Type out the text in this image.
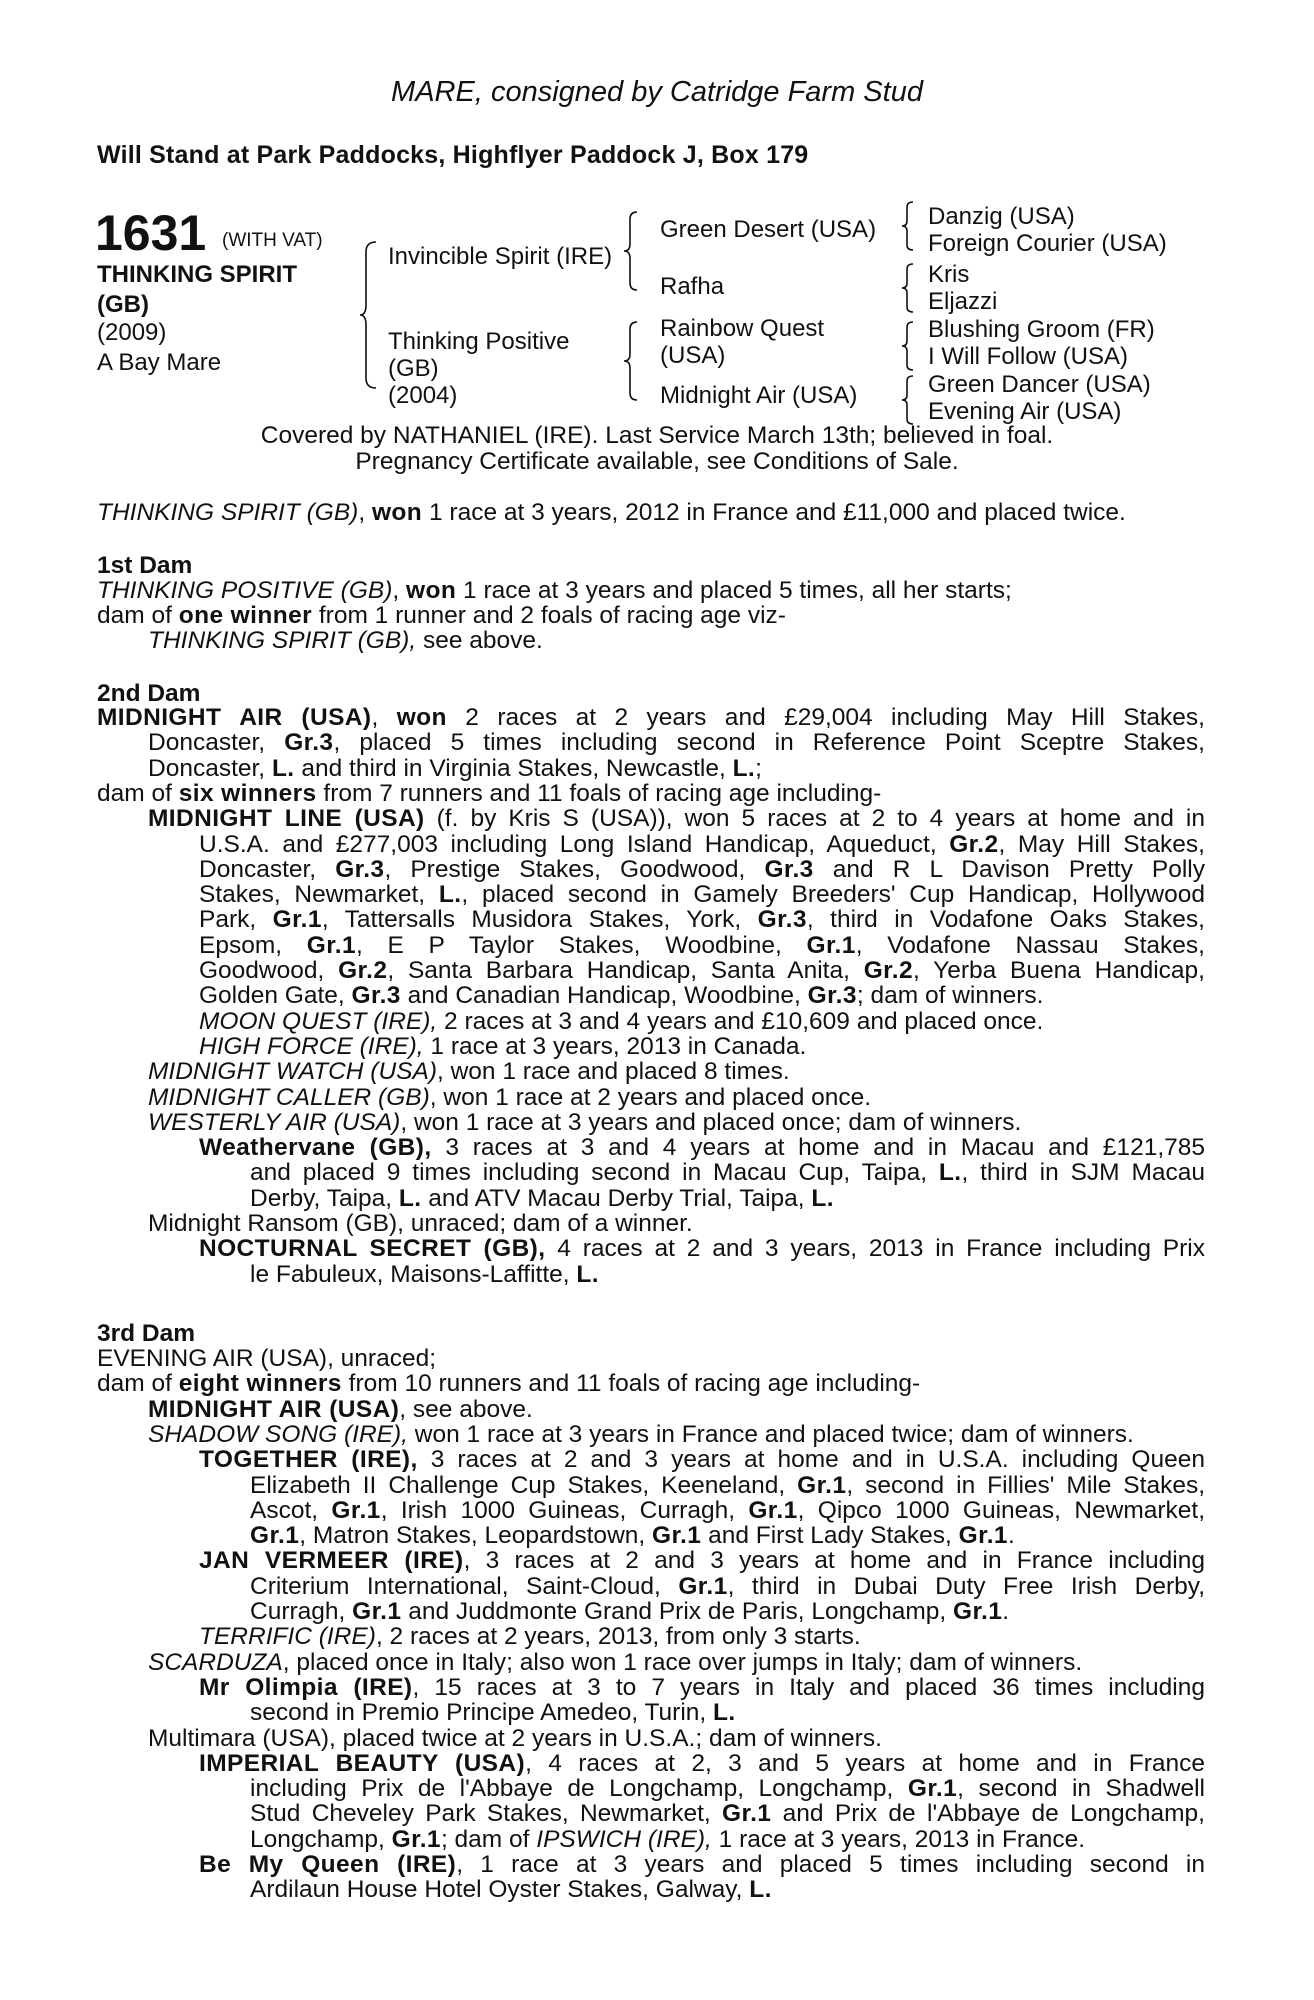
MARE, consigned by Catridge Farm Stud
Will Stand at Park Paddocks, Highflyer Paddock J, Box 179
1631 (WITH VAT)
THINKING SPIRIT
(GB)
(2009)
A Bay Mare
Invincible Spirit (IRE)
Thinking Positive
(GB)
(2004)
Green Desert (USA)
Rafha
Rainbow Quest
(USA)
Midnight Air (USA)
Danzig (USA)
Foreign Courier (USA)
Kris
Eljazzi
Blushing Groom (FR)
I Will Follow (USA)
Green Dancer (USA)
Evening Air (USA)
Covered by NATHANIEL (IRE). Last Service March 13th; believed in foal.
Pregnancy Certificate available, see Conditions of Sale.
THINKING SPIRIT (GB), won 1 race at 3 years, 2012 in France and £11,000 and placed twice.
1st Dam
THINKING POSITIVE (GB), won 1 race at 3 years and placed 5 times, all her starts;
dam of one winner from 1 runner and 2 foals of racing age viz-
THINKING SPIRIT (GB), see above.
2nd Dam
MIDNIGHT AIR (USA), won 2 races at 2 years and £29,004 including May Hill Stakes,
Doncaster, Gr.3, placed 5 times including second in Reference Point Sceptre Stakes,
Doncaster, L. and third in Virginia Stakes, Newcastle, L.;
dam of six winners from 7 runners and 11 foals of racing age including-
MIDNIGHT LINE (USA) (f. by Kris S (USA)), won 5 races at 2 to 4 years at home and in
U.S.A. and £277,003 including Long Island Handicap, Aqueduct, Gr.2, May Hill Stakes,
Doncaster, Gr.3, Prestige Stakes, Goodwood, Gr.3 and R L Davison Pretty Polly
Stakes, Newmarket, L., placed second in Gamely Breeders' Cup Handicap, Hollywood
Park, Gr.1, Tattersalls Musidora Stakes, York, Gr.3, third in Vodafone Oaks Stakes,
Epsom, Gr.1, E P Taylor Stakes, Woodbine, Gr.1, Vodafone Nassau Stakes,
Goodwood, Gr.2, Santa Barbara Handicap, Santa Anita, Gr.2, Yerba Buena Handicap,
Golden Gate, Gr.3 and Canadian Handicap, Woodbine, Gr.3; dam of winners.
MOON QUEST (IRE), 2 races at 3 and 4 years and £10,609 and placed once.
HIGH FORCE (IRE), 1 race at 3 years, 2013 in Canada.
MIDNIGHT WATCH (USA), won 1 race and placed 8 times.
MIDNIGHT CALLER (GB), won 1 race at 2 years and placed once.
WESTERLY AIR (USA), won 1 race at 3 years and placed once; dam of winners.
Weathervane (GB), 3 races at 3 and 4 years at home and in Macau and £121,785
and placed 9 times including second in Macau Cup, Taipa, L., third in SJM Macau
Derby, Taipa, L. and ATV Macau Derby Trial, Taipa, L.
Midnight Ransom (GB), unraced; dam of a winner.
NOCTURNAL SECRET (GB), 4 races at 2 and 3 years, 2013 in France including Prix
le Fabuleux, Maisons-Laffitte, L.
3rd Dam
EVENING AIR (USA), unraced;
dam of eight winners from 10 runners and 11 foals of racing age including-
MIDNIGHT AIR (USA), see above.
SHADOW SONG (IRE), won 1 race at 3 years in France and placed twice; dam of winners.
TOGETHER (IRE), 3 races at 2 and 3 years at home and in U.S.A. including Queen
Elizabeth II Challenge Cup Stakes, Keeneland, Gr.1, second in Fillies' Mile Stakes,
Ascot, Gr.1, Irish 1000 Guineas, Curragh, Gr.1, Qipco 1000 Guineas, Newmarket,
Gr.1, Matron Stakes, Leopardstown, Gr.1 and First Lady Stakes, Gr.1.
JAN VERMEER (IRE), 3 races at 2 and 3 years at home and in France including
Criterium International, Saint-Cloud, Gr.1, third in Dubai Duty Free Irish Derby,
Curragh, Gr.1 and Juddmonte Grand Prix de Paris, Longchamp, Gr.1.
TERRIFIC (IRE), 2 races at 2 years, 2013, from only 3 starts.
SCARDUZA, placed once in Italy; also won 1 race over jumps in Italy; dam of winners.
Mr Olimpia (IRE), 15 races at 3 to 7 years in Italy and placed 36 times including
second in Premio Principe Amedeo, Turin, L.
Multimara (USA), placed twice at 2 years in U.S.A.; dam of winners.
IMPERIAL BEAUTY (USA), 4 races at 2, 3 and 5 years at home and in France
including Prix de l'Abbaye de Longchamp, Longchamp, Gr.1, second in Shadwell
Stud Cheveley Park Stakes, Newmarket, Gr.1 and Prix de l'Abbaye de Longchamp,
Longchamp, Gr.1; dam of IPSWICH (IRE), 1 race at 3 years, 2013 in France.
Be My Queen (IRE), 1 race at 3 years and placed 5 times including second in
Ardilaun House Hotel Oyster Stakes, Galway, L.
